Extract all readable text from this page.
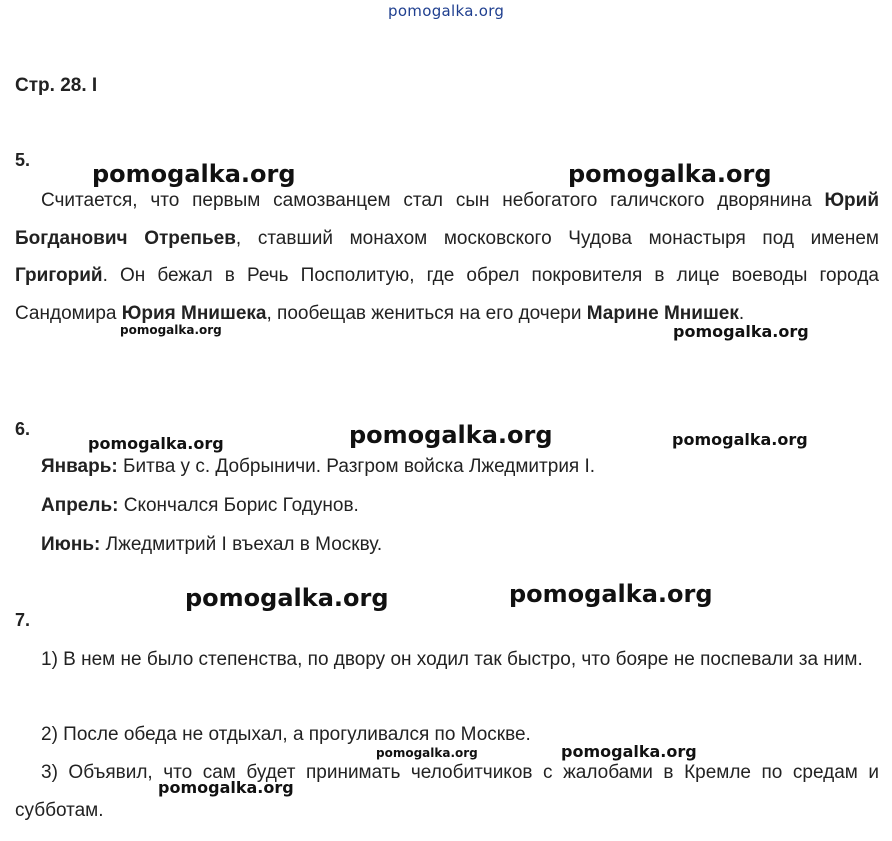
pomogalka.org
Стр. 28. I
5.
Считается, что первым самозванцем стал сын небогатого галичского дворянина Юрий Богданович Отрепьев, ставший монахом московского Чудова монастыря под именем Григорий. Он бежал в Речь Посполитую, где обрел покровителя в лице воеводы города Сандомира Юрия Мнишека, пообещав жениться на его дочери Марине Мнишек.
6.
Январь: Битва у с. Добрыничи. Разгром войска Лжедмитрия I.
Апрель: Скончался Борис Годунов.
Июнь: Лжедмитрий I въехал в Москву.
7.
1) В нем не было степенства, по двору он ходил так быстро, что бояре не поспевали за ним.
2) После обеда не отдыхал, а прогуливался по Москве.
3) Объявил, что сам будет принимать челобитчиков с жалобами в Кремле по средам и субботам.
pomogalka.org	pomogalka.org
pomogalka.org	pomogalka.org
pomogalka.org	pomogalka.org	pomogalka.org
pomogalka.org	pomogalka.org
pomogalka.org	pomogalka.org
pomogalka.org
